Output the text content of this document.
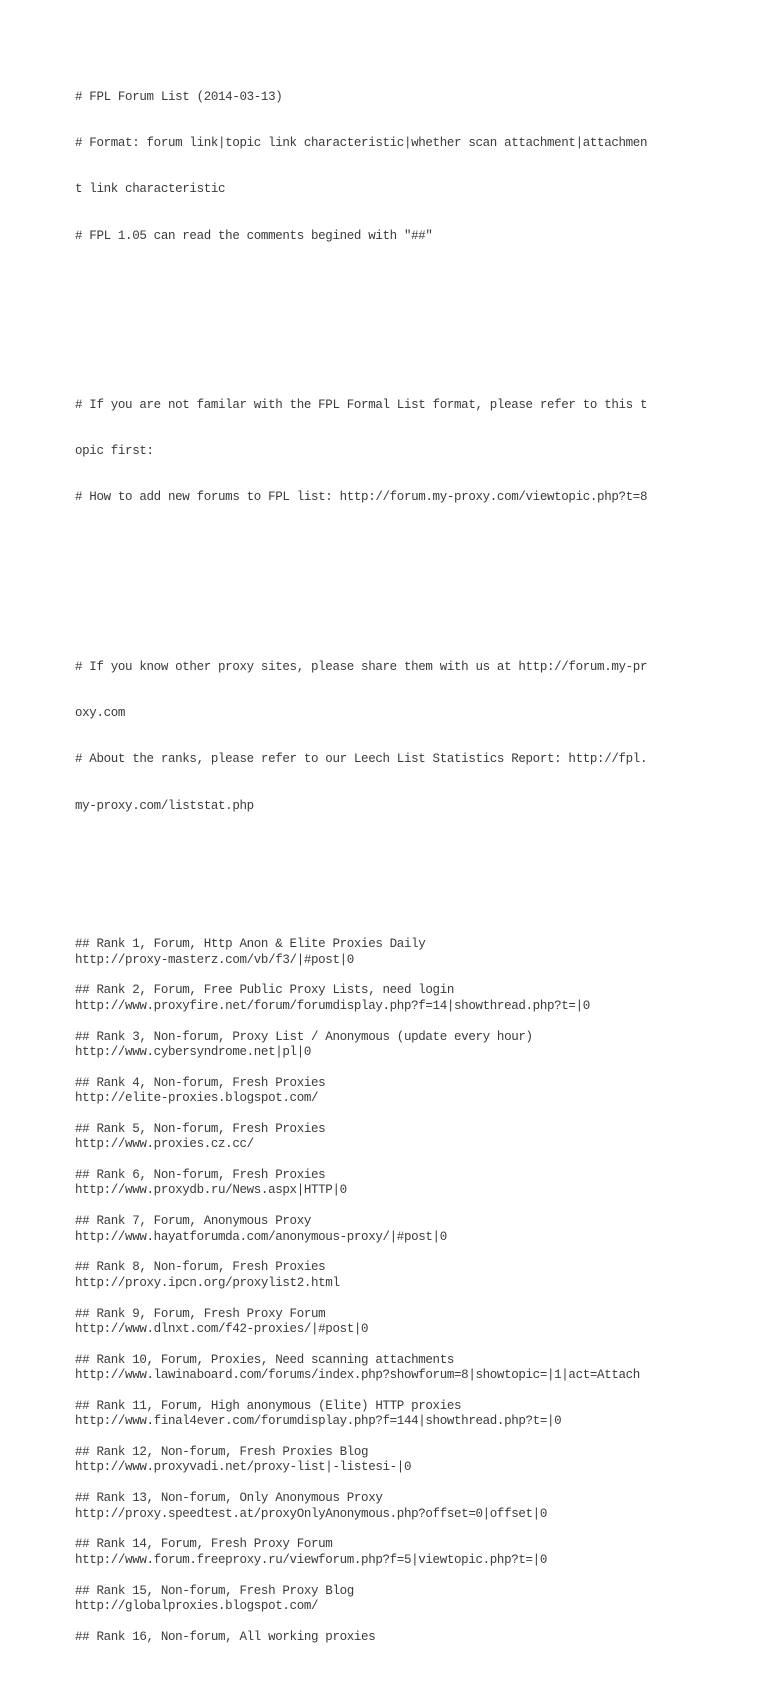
# FPL Forum List (2014-03-13)

# Format: forum link|topic link characteristic|whether scan attachment|attachmen

t link characteristic

# FPL 1.05 can read the comments begined with "##"

# If you are not familar with the FPL Formal List format, please refer to this t

opic first:

# How to add new forums to FPL list: http://forum.my-proxy.com/viewtopic.php?t=8

# If you know other proxy sites, please share them with us at http://forum.my-pr

oxy.com

# About the ranks, please refer to our Leech List Statistics Report: http://fpl.

my-proxy.com/liststat.php

## Rank 1, Forum, Http Anon & Elite Proxies Daily
http://proxy-masterz.com/vb/f3/|#post|0
## Rank 2, Forum, Free Public Proxy Lists, need login
http://www.proxyfire.net/forum/forumdisplay.php?f=14|showthread.php?t=|0
## Rank 3, Non-forum, Proxy List / Anonymous (update every hour)
http://www.cybersyndrome.net|pl|0
## Rank 4, Non-forum, Fresh Proxies
http://elite-proxies.blogspot.com/
## Rank 5, Non-forum, Fresh Proxies
http://www.proxies.cz.cc/
## Rank 6, Non-forum, Fresh Proxies
http://www.proxydb.ru/News.aspx|HTTP|0
## Rank 7, Forum, Anonymous Proxy
http://www.hayatforumda.com/anonymous-proxy/|#post|0
## Rank 8, Non-forum, Fresh Proxies
http://proxy.ipcn.org/proxylist2.html
## Rank 9, Forum, Fresh Proxy Forum
http://www.dlnxt.com/f42-proxies/|#post|0
## Rank 10, Forum, Proxies, Need scanning attachments
http://www.lawinaboard.com/forums/index.php?showforum=8|showtopic=|1|act=Attach
## Rank 11, Forum, High anonymous (Elite) HTTP proxies
http://www.final4ever.com/forumdisplay.php?f=144|showthread.php?t=|0
## Rank 12, Non-forum, Fresh Proxies Blog
http://www.proxyvadi.net/proxy-list|-listesi-|0
## Rank 13, Non-forum, Only Anonymous Proxy
http://proxy.speedtest.at/proxyOnlyAnonymous.php?offset=0|offset|0
## Rank 14, Forum, Fresh Proxy Forum
http://www.forum.freeproxy.ru/viewforum.php?f=5|viewtopic.php?t=|0
## Rank 15, Non-forum, Fresh Proxy Blog
http://globalproxies.blogspot.com/
## Rank 16, Non-forum, All working proxies
